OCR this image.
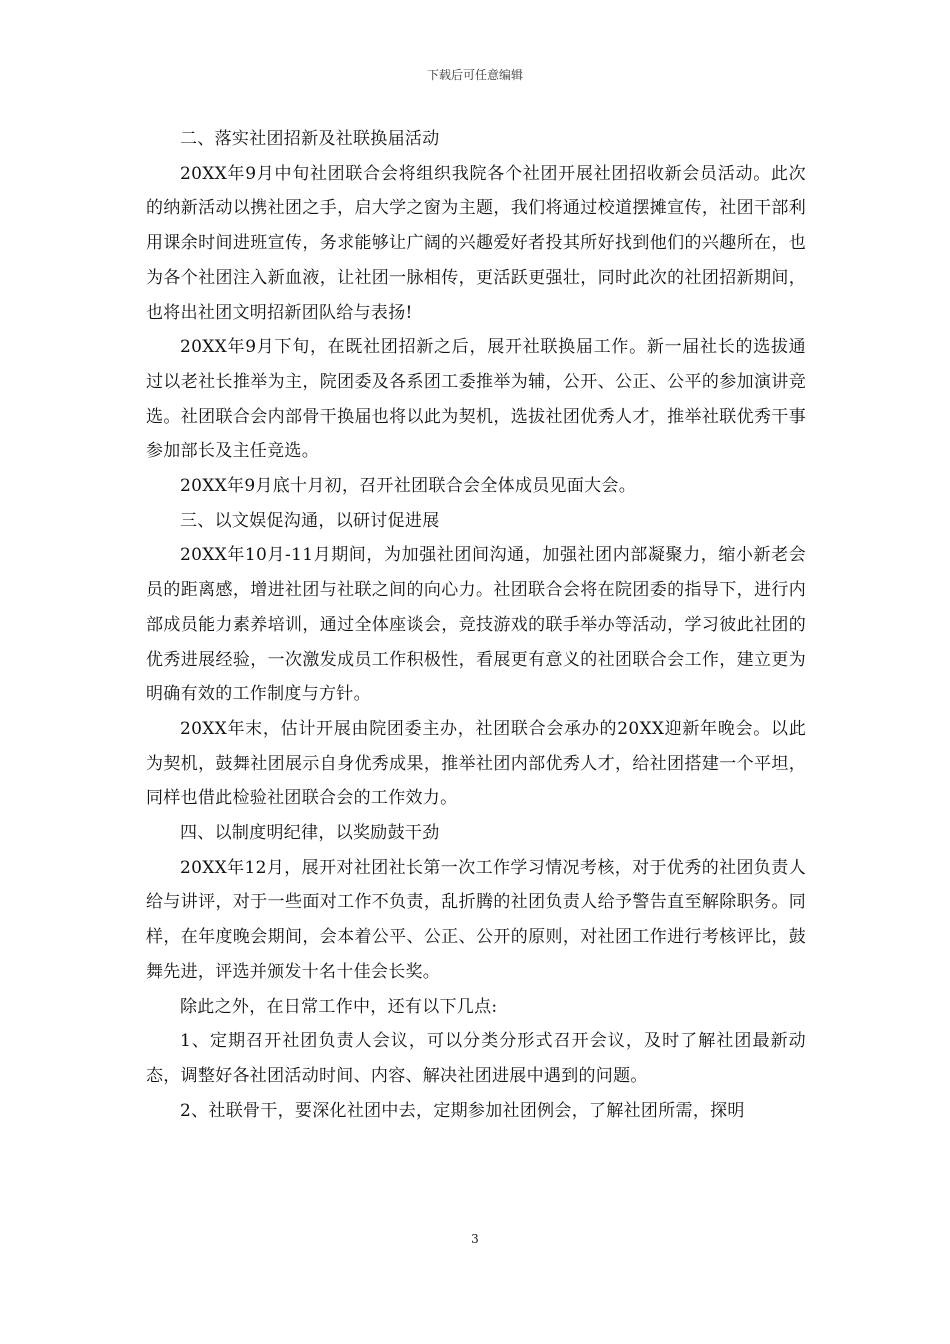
下载后可任意编辑

二、落实社团招新及社联换届活动

20XX年9月中旬社团联合会将组织我院各个社团开展社团招收新会员活动。此次的纳新活动以携社团之手，启大学之窗为主题，我们将通过校道摆摊宣传，社团干部利用课余时间进班宣传，务求能够让广阔的兴趣爱好者投其所好找到他们的兴趣所在，也为各个社团注入新血液，让社团一脉相传，更活跃更强壮，同时此次的社团招新期间，也将出社团文明招新团队给与表扬!

20XX年9月下旬，在既社团招新之后，展开社联换届工作。新一届社长的选拔通过以老社长推举为主，院团委及各系团工委推举为辅，公开、公正、公平的参加演讲竞选。社团联合会内部骨干换届也将以此为契机，选拔社团优秀人才，推举社联优秀干事参加部长及主任竞选。

20XX年9月底十月初，召开社团联合会全体成员见面大会。

三、以文娱促沟通，以研讨促进展

20XX年10月-11月期间，为加强社团间沟通，加强社团内部凝聚力，缩小新老会员的距离感，增进社团与社联之间的向心力。社团联合会将在院团委的指导下，进行内部成员能力素养培训，通过全体座谈会，竞技游戏的联手举办等活动，学习彼此社团的优秀进展经验，一次激发成员工作积极性，看展更有意义的社团联合会工作，建立更为明确有效的工作制度与方针。

20XX年末，估计开展由院团委主办，社团联合会承办的20XX迎新年晚会。以此为契机，鼓舞社团展示自身优秀成果，推举社团内部优秀人才，给社团搭建一个平坦，同样也借此检验社团联合会的工作效力。

四、以制度明纪律，以奖励鼓干劲

20XX年12月，展开对社团社长第一次工作学习情况考核，对于优秀的社团负责人给与讲评，对于一些面对工作不负责，乱折腾的社团负责人给予警告直至解除职务。同样，在年度晚会期间，会本着公平、公正、公开的原则，对社团工作进行考核评比，鼓舞先进，评选并颁发十名十佳会长奖。

除此之外，在日常工作中，还有以下几点:

1、定期召开社团负责人会议，可以分类分形式召开会议，及时了解社团最新动态，调整好各社团活动时间、内容、解决社团进展中遇到的问题。

2、社联骨干，要深化社团中去，定期参加社团例会，了解社团所需，探明

3
